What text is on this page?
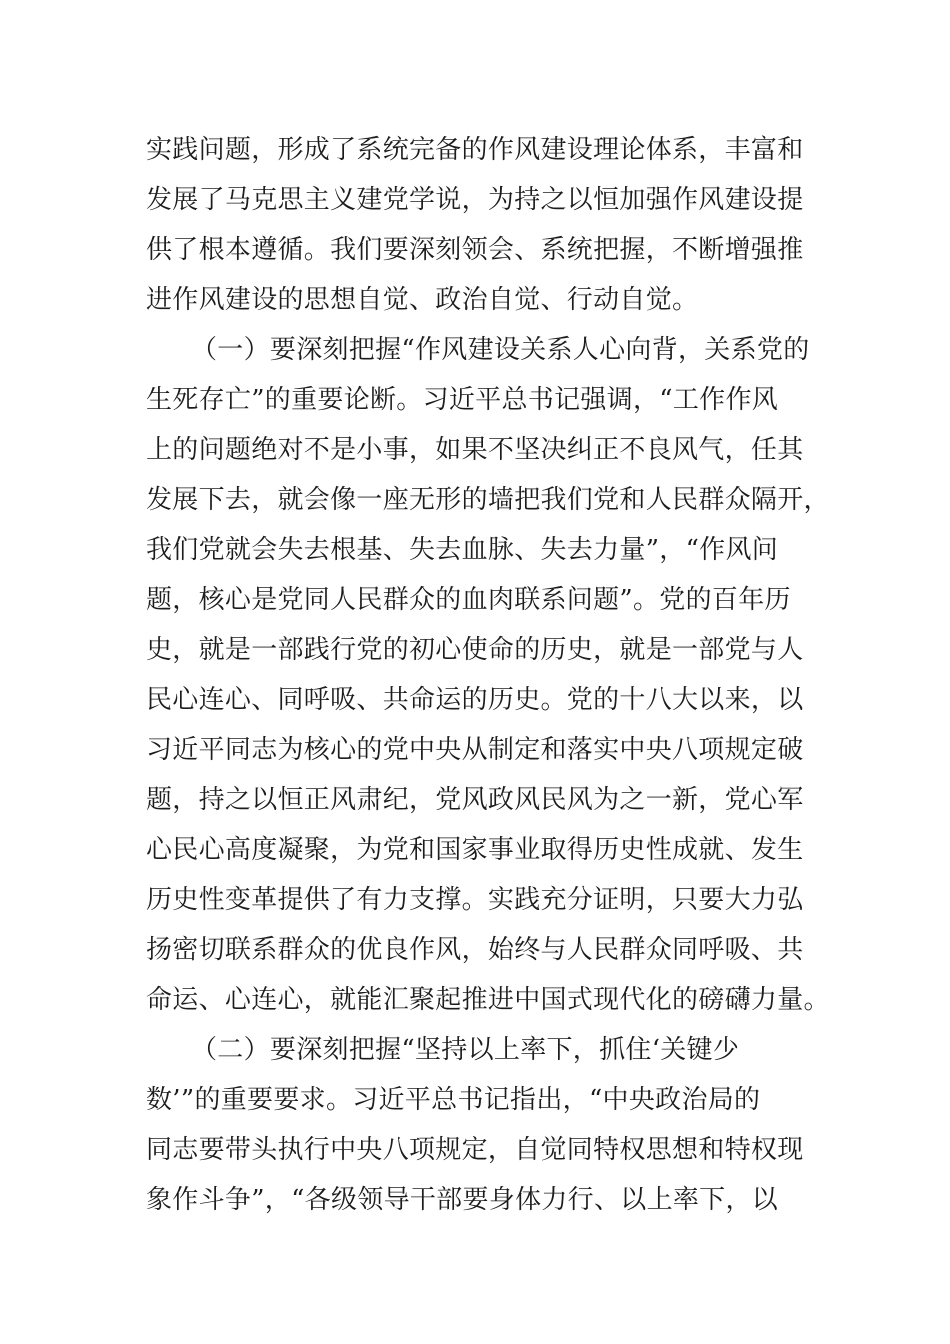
实践问题，形成了系统完备的作风建设理论体系，丰富和
发展了马克思主义建党学说，为持之以恒加强作风建设提
供了根本遵循。我们要深刻领会、系统把握，不断增强推
进作风建设的思想自觉、政治自觉、行动自觉。
（一）要深刻把握“作风建设关系人心向背，关系党的
生死存亡”的重要论断。习近平总书记强调，“工作作风
上的问题绝对不是小事，如果不坚决纠正不良风气，任其
发展下去，就会像一座无形的墙把我们党和人民群众隔开，
我们党就会失去根基、失去血脉、失去力量”，“作风问
题，核心是党同人民群众的血肉联系问题”。党的百年历
史，就是一部践行党的初心使命的历史，就是一部党与人
民心连心、同呼吸、共命运的历史。党的十八大以来，以
习近平同志为核心的党中央从制定和落实中央八项规定破
题，持之以恒正风肃纪，党风政风民风为之一新，党心军
心民心高度凝聚，为党和国家事业取得历史性成就、发生
历史性变革提供了有力支撑。实践充分证明，只要大力弘
扬密切联系群众的优良作风，始终与人民群众同呼吸、共
命运、心连心，就能汇聚起推进中国式现代化的磅礴力量。
（二）要深刻把握“坚持以上率下，抓住‘关键少
数’”的重要要求。习近平总书记指出，“中央政治局的
同志要带头执行中央八项规定，自觉同特权思想和特权现
象作斗争”，“各级领导干部要身体力行、以上率下，以
